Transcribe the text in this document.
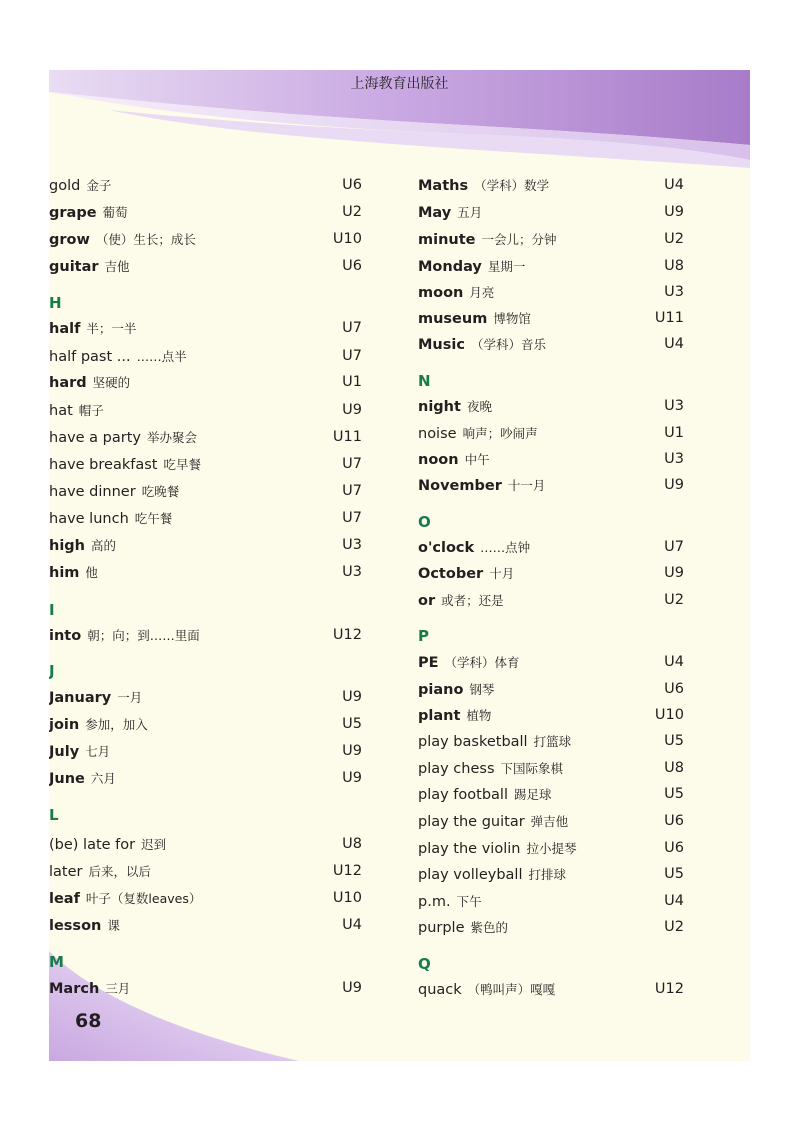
上海教育出版社
gold 金子	U6
grape 葡萄	U2
grow （使）生长；成长	U10
guitar 吉他	U6
H
half 半；一半	U7
half past ... ……点半	U7
hard 坚硬的	U1
hat 帽子	U9
have a party 举办聚会	U11
have breakfast 吃早餐	U7
have dinner 吃晚餐	U7
have lunch 吃午餐	U7
high 高的	U3
him 他	U3
I
into 朝；向；到……里面	U12
J
January 一月	U9
join 参加，加入	U5
July 七月	U9
June 六月	U9
L
(be) late for 迟到	U8
later 后来，以后	U12
leaf 叶子（复数leaves）	U10
lesson 课	U4
M
March 三月	U9
Maths （学科）数学	U4
May 五月	U9
minute 一会儿；分钟	U2
Monday 星期一	U8
moon 月亮	U3
museum 博物馆	U11
Music （学科）音乐	U4
N
night 夜晚	U3
noise 响声；吵闹声	U1
noon 中午	U3
November 十一月	U9
O
o'clock ……点钟	U7
October 十月	U9
or 或者；还是	U2
P
PE （学科）体育	U4
piano 钢琴	U6
plant 植物	U10
play basketball 打篮球	U5
play chess 下国际象棋	U8
play football 踢足球	U5
play the guitar 弹吉他	U6
play the violin 拉小提琴	U6
play volleyball 打排球	U5
p.m. 下午	U4
purple 紫色的	U2
Q
quack （鸭叫声）嘎嘎	U12
68
